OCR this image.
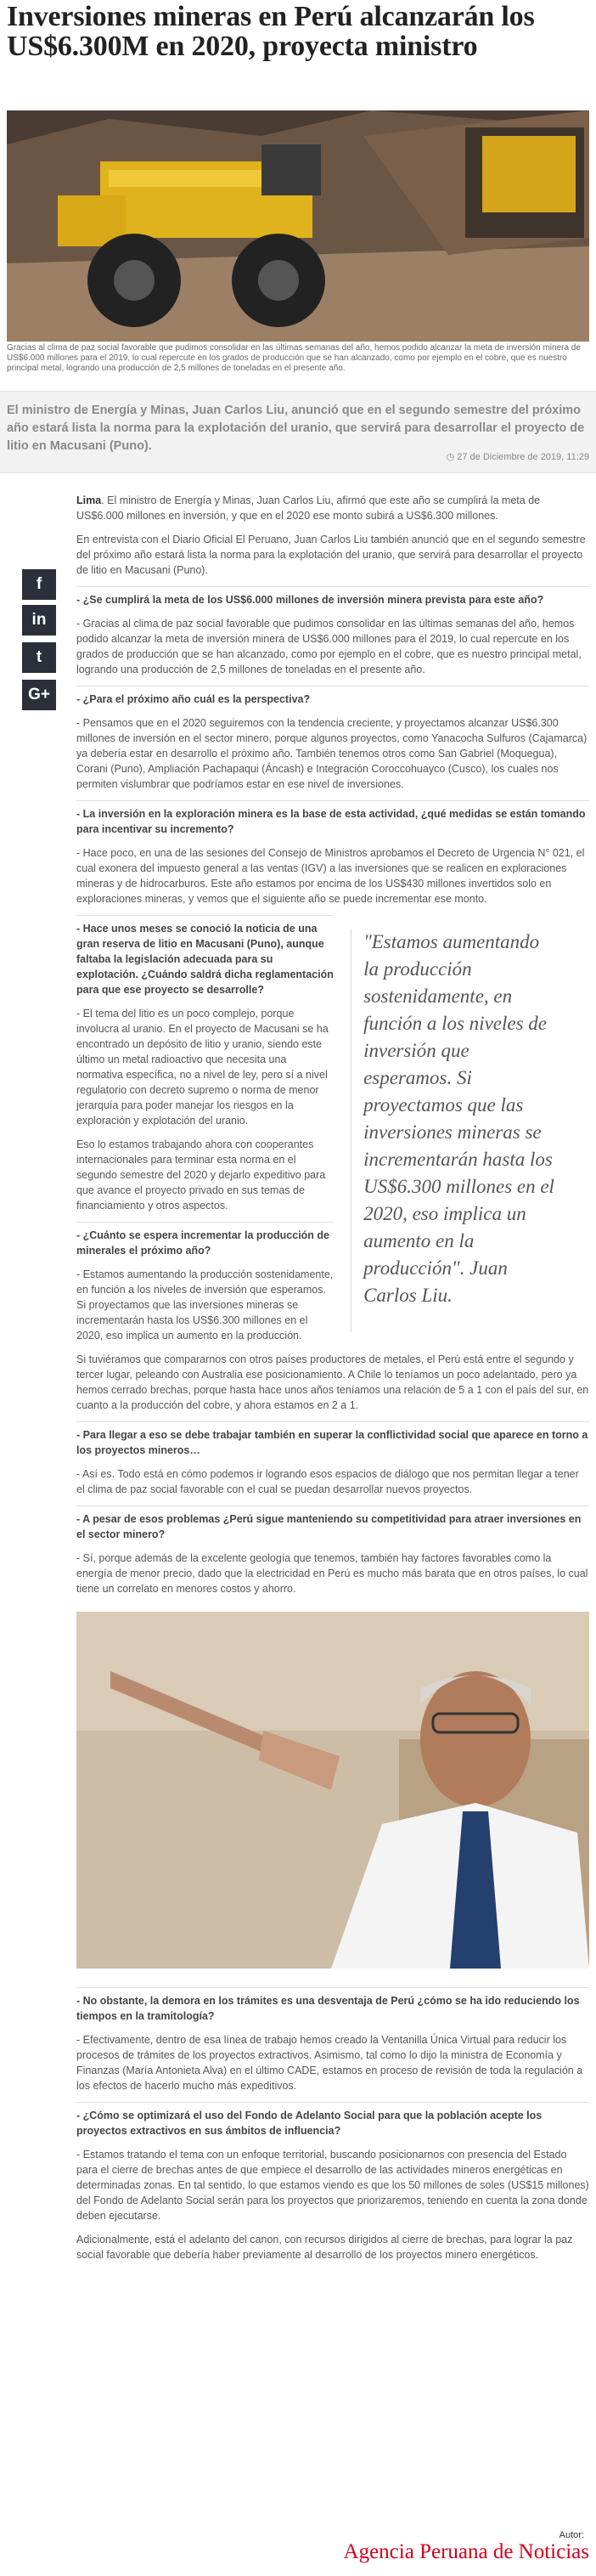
Inversiones mineras en Perú alcanzarán los US$6.300M en 2020, proyecta ministro

Gracias al clima de paz social favorable que pudimos consolidar en las últimas semanas del año, hemos podido alcanzar la meta de inversión minera de US$6.000 millones para el 2019, lo cual repercute en los grados de producción que se han alcanzado, como por ejemplo en el cobre, que es nuestro principal metal, logrando una producción de 2,5 millones de toneladas en el presente año.

El ministro de Energía y Minas, Juan Carlos Liu, anunció que en el segundo semestre del próximo año estará lista la norma para la explotación del uranio, que servirá para desarrollar el proyecto de litio en Macusani (Puno).

◷ 27 de Diciembre de 2019, 11:29
f
in
t
G+

Lima. El ministro de Energía y Minas, Juan Carlos Liu, afirmó que este año se cumplirá la meta de US$6.000 millones en inversión, y que en el 2020 ese monto subirá a US$6.300 millones.

En entrevista con el Diario Oficial El Peruano, Juan Carlos Liu también anunció que en el segundo semestre del próximo año estará lista la norma para la explotación del uranio, que servirá para desarrollar el proyecto de litio en Macusani (Puno).

- ¿Se cumplirá la meta de los US$6.000 millones de inversión minera prevista para este año?

- Gracias al clima de paz social favorable que pudimos consolidar en las últimas semanas del año, hemos podido alcanzar la meta de inversión minera de US$6.000 millones para el 2019, lo cual repercute en los grados de producción que se han alcanzado, como por ejemplo en el cobre, que es nuestro principal metal, logrando una producción de 2,5 millones de toneladas en el presente año.

- ¿Para el próximo año cuál es la perspectiva?

- Pensamos que en el 2020 seguiremos con la tendencia creciente, y proyectamos alcanzar US$6.300 millones de inversión en el sector minero, porque algunos proyectos, como Yanacocha Sulfuros (Cajamarca) ya debería estar en desarrollo el próximo año. También tenemos otros como San Gabriel (Moquegua), Corani (Puno), Ampliación Pachapaqui (Áncash) e Integración Coroccohuayco (Cusco), los cuales nos permiten vislumbrar que podríamos estar en ese nivel de inversiones.

- La inversión en la exploración minera es la base de esta actividad, ¿qué medidas se están tomando para incentivar su incremento?

- Hace poco, en una de las sesiones del Consejo de Ministros aprobamos el Decreto de Urgencia N° 021, el cual exonera del impuesto general a las ventas (IGV) a las inversiones que se realicen en exploraciones mineras y de hidrocarburos. Este año estamos por encima de los US$430 millones invertidos solo en exploraciones mineras, y vemos que el siguiente año se puede incrementar ese monto.

- Hace unos meses se conoció la noticia de una gran reserva de litio en Macusani (Puno), aunque faltaba la legislación adecuada para su explotación. ¿Cuándo saldrá dicha reglamentación para que ese proyecto se desarrolle?

- El tema del litio es un poco complejo, porque involucra al uranio. En el proyecto de Macusani se ha encontrado un depósito de litio y uranio, siendo este último un metal radioactivo que necesita una normativa específica, no a nivel de ley, pero sí a nivel regulatorio con decreto supremo o norma de menor jerarquía para poder manejar los riesgos en la exploración y explotación del uranio.

Eso lo estamos trabajando ahora con cooperantes internacionales para terminar esta norma en el segundo semestre del 2020 y dejarlo expeditivo para que avance el proyecto privado en sus temas de financiamiento y otros aspectos.

- ¿Cuánto se espera incrementar la producción de minerales el próximo año?

- Estamos aumentando la producción sostenidamente, en función a los niveles de inversión que esperamos. Si proyectamos que las inversiones mineras se incrementarán hasta los US$6.300 millones en el 2020, eso implica un aumento en la producción.

"Estamos aumentando la producción sostenidamente, en función a los niveles de inversión que esperamos. Si proyectamos que las inversiones mineras se incrementarán hasta los US$6.300 millones en el 2020, eso implica un aumento en la producción". Juan Carlos Liu.

Si tuviéramos que compararnos con otros países productores de metales, el Perú está entre el segundo y tercer lugar, peleando con Australia ese posicionamiento. A Chile lo teníamos un poco adelantado, pero ya hemos cerrado brechas, porque hasta hace unos años teníamos una relación de 5 a 1 con el país del sur, en cuanto a la producción del cobre, y ahora estamos en 2 a 1.

- Para llegar a eso se debe trabajar también en superar la conflictividad social que aparece en torno a los proyectos mineros…

- Así es. Todo está en cómo podemos ir logrando esos espacios de diálogo que nos permitan llegar a tener el clima de paz social favorable con el cual se puedan desarrollar nuevos proyectos.

- A pesar de esos problemas ¿Perú sigue manteniendo su competitividad para atraer inversiones en el sector minero?

- Sí, porque además de la excelente geología que tenemos, también hay factores favorables como la energía de menor precio, dado que la electricidad en Perú es mucho más barata que en otros países, lo cual tiene un correlato en menores costos y ahorro.

- No obstante, la demora en los trámites es una desventaja de Perú ¿cómo se ha ido reduciendo los tiempos en la tramitología?

- Efectivamente, dentro de esa línea de trabajo hemos creado la Ventanilla Única Virtual para reducir los procesos de trámites de los proyectos extractivos. Asimismo, tal como lo dijo la ministra de Economía y Finanzas (María Antonieta Alva) en el último CADE, estamos en proceso de revisión de toda la regulación a los efectos de hacerlo mucho más expeditivos.

- ¿Cómo se optimizará el uso del Fondo de Adelanto Social para que la población acepte los proyectos extractivos en sus ámbitos de influencia?

- Estamos tratando el tema con un enfoque territorial, buscando posicionarnos con presencia del Estado para el cierre de brechas antes de que empiece el desarrollo de las actividades mineros energéticas en determinadas zonas. En tal sentido, lo que estamos viendo es que los 50 millones de soles (US$15 millones) del Fondo de Adelanto Social serán para los proyectos que priorizaremos, teniendo en cuenta la zona donde deben ejecutarse.

Adicionalmente, está el adelanto del canon, con recursos dirigidos al cierre de brechas, para lograr la paz social favorable que debería haber previamente al desarrollo de los proyectos minero energéticos.

Autor:
Agencia Peruana de Noticias
